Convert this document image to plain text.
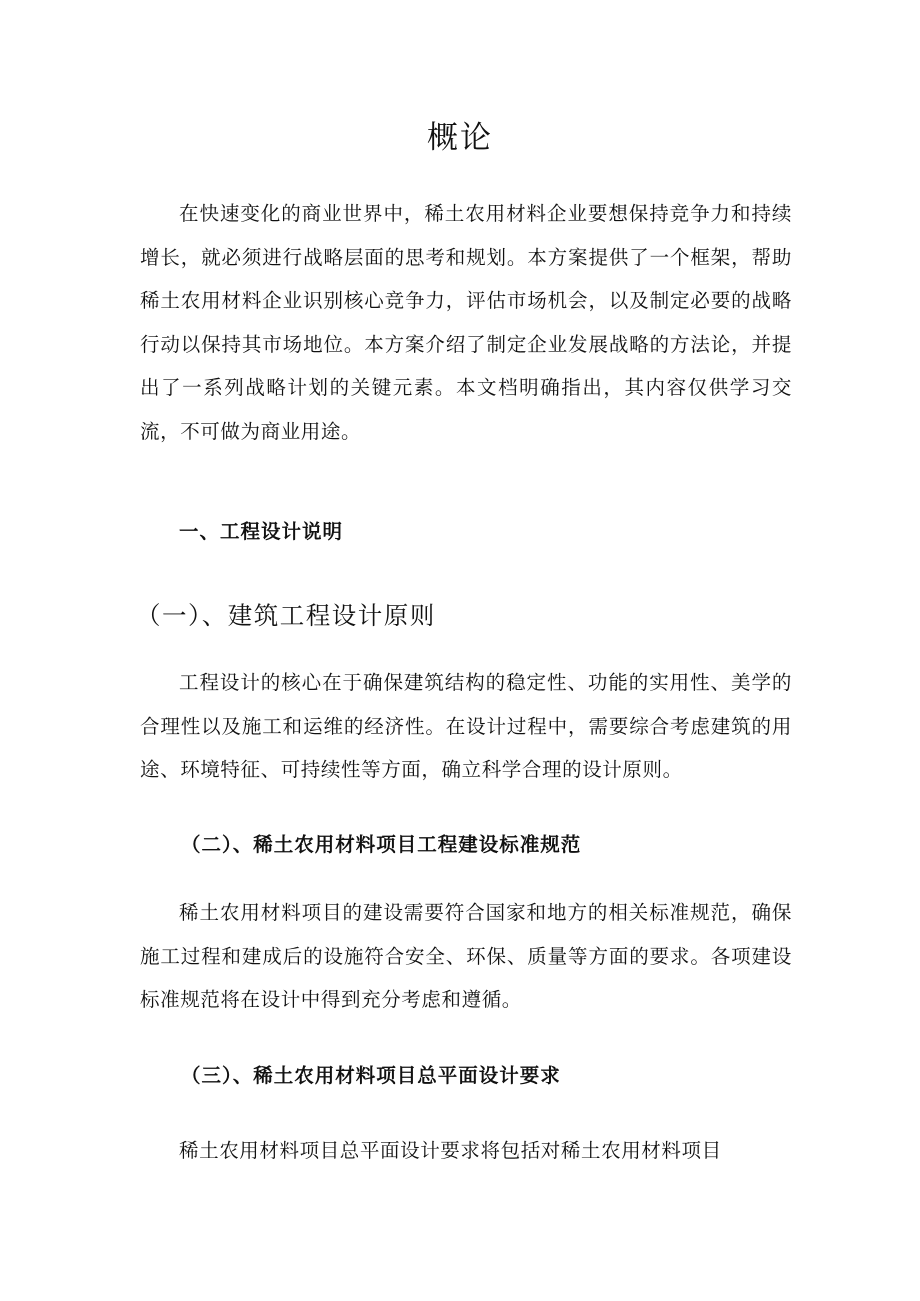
概论

在快速变化的商业世界中，稀土农用材料企业要想保持竞争力和持续增长，就必须进行战略层面的思考和规划。本方案提供了一个框架，帮助稀土农用材料企业识别核心竞争力，评估市场机会，以及制定必要的战略行动以保持其市场地位。本方案介绍了制定企业发展战略的方法论，并提出了一系列战略计划的关键元素。本文档明确指出，其内容仅供学习交流，不可做为商业用途。

一、工程设计说明
（一）、建筑工程设计原则

工程设计的核心在于确保建筑结构的稳定性、功能的实用性、美学的合理性以及施工和运维的经济性。在设计过程中，需要综合考虑建筑的用途、环境特征、可持续性等方面，确立科学合理的设计原则。

（二）、稀土农用材料项目工程建设标准规范

稀土农用材料项目的建设需要符合国家和地方的相关标准规范，确保施工过程和建成后的设施符合安全、环保、质量等方面的要求。各项建设标准规范将在设计中得到充分考虑和遵循。

（三）、稀土农用材料项目总平面设计要求

稀土农用材料项目总平面设计要求将包括对稀土农用材料项目
